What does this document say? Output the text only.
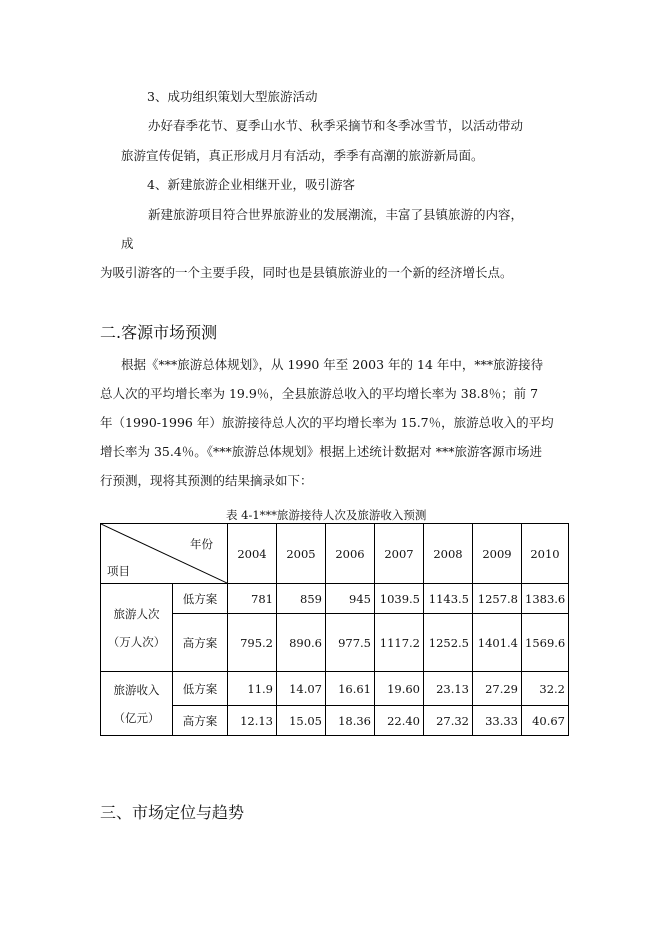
3、成功组织策划大型旅游活动
办好春季花节、夏季山水节、秋季采摘节和冬季冰雪节，以活动带动
旅游宣传促销，真正形成月月有活动，季季有高潮的旅游新局面。
4、新建旅游企业相继开业，吸引游客
新建旅游项目符合世界旅游业的发展潮流，丰富了县镇旅游的内容，
成
为吸引游客的一个主要手段，同时也是县镇旅游业的一个新的经济增长点。
二.客源市场预测
根据《***旅游总体规划》，从 1990 年至 2003 年的 14 年中，***旅游接待
总人次的平均增长率为 19.9％，全县旅游总收入的平均增长率为 38.8％；前 7
年（1990-1996 年）旅游接待总人次的平均增长率为 15.7％，旅游总收入的平均
增长率为 35.4％。《***旅游总体规划》根据上述统计数据对 ***旅游客源市场进
行预测，现将其预测的结果摘录如下：
表 4-1***旅游接待人次及旅游收入预测
年份
项目		2004	2005	2006	2007	2008	2009	2010

旅游人次
（万人次）	低方案	781	859	945	1039.5	1143.5	1257.8	1383.6
	高方案	795.2	890.6	977.5	1117.2	1252.5	1401.4	1569.6

旅游收入
（亿元）	低方案	11.9	14.07	16.61	19.60	23.13	27.29	32.2
	高方案	12.13	15.05	18.36	22.40	27.32	33.33	40.67
三、市场定位与趋势
